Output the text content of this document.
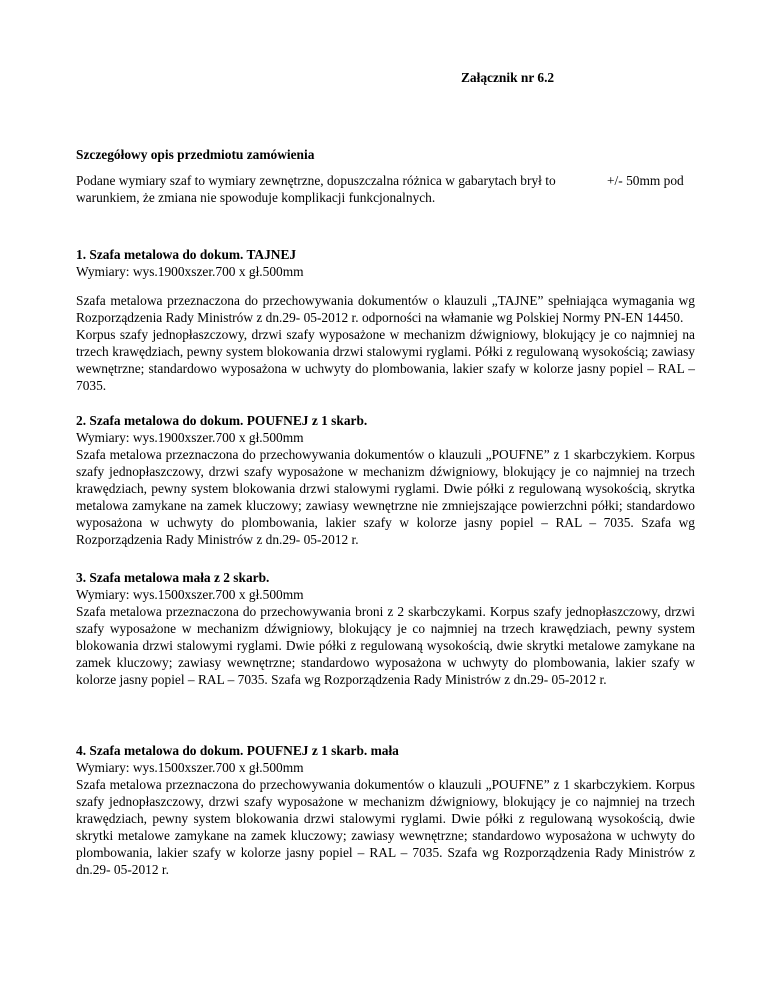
Załącznik nr 6.2
Szczegółowy opis przedmiotu zamówienia
Podane wymiary szaf to wymiary zewnętrzne, dopuszczalna różnica w gabarytach brył to	+/- 50mm pod
warunkiem, że zmiana nie spowoduje komplikacji funkcjonalnych.
1. Szafa metalowa do dokum. TAJNEJ
Wymiary: wys.1900xszer.700 x gł.500mm

Szafa metalowa przeznaczona do przechowywania dokumentów o klauzuli „TAJNE” spełniająca wymagania wg Rozporządzenia Rady Ministrów z dn.29- 05-2012 r. odporności na włamanie wg Polskiej Normy PN-EN 14450.

Korpus szafy jednopłaszczowy, drzwi szafy wyposażone w mechanizm dźwigniowy, blokujący je co najmniej na trzech krawędziach, pewny system blokowania drzwi stalowymi ryglami. Półki z regulowaną wysokością; zawiasy wewnętrzne; standardowo wyposażona w uchwyty do plombowania, lakier szafy w kolorze jasny popiel – RAL – 7035.

2. Szafa metalowa do dokum. POUFNEJ z 1 skarb.
Wymiary: wys.1900xszer.700 x gł.500mm

Szafa metalowa przeznaczona do przechowywania dokumentów o klauzuli „POUFNE” z 1 skarbczykiem. Korpus szafy jednopłaszczowy, drzwi szafy wyposażone w mechanizm dźwigniowy, blokujący je co najmniej na trzech krawędziach, pewny system blokowania drzwi stalowymi ryglami. Dwie półki z regulowaną wysokością, skrytka metalowa zamykane na zamek kluczowy; zawiasy wewnętrzne nie zmniejszające powierzchni półki; standardowo wyposażona w uchwyty do plombowania, lakier szafy w kolorze jasny popiel – RAL – 7035. Szafa wg Rozporządzenia Rady Ministrów z dn.29- 05-2012 r.

3. Szafa metalowa mała z 2 skarb.
Wymiary: wys.1500xszer.700 x gł.500mm

Szafa metalowa przeznaczona do przechowywania broni z 2 skarbczykami. Korpus szafy jednopłaszczowy, drzwi szafy wyposażone w mechanizm dźwigniowy, blokujący je co najmniej na trzech krawędziach, pewny system blokowania drzwi stalowymi ryglami. Dwie półki z regulowaną wysokością, dwie skrytki metalowe zamykane na zamek kluczowy; zawiasy wewnętrzne; standardowo wyposażona w uchwyty do plombowania, lakier szafy w kolorze jasny popiel – RAL – 7035. Szafa wg Rozporządzenia Rady Ministrów z dn.29- 05-2012 r.

4. Szafa metalowa do dokum. POUFNEJ z 1 skarb. mała
Wymiary: wys.1500xszer.700 x gł.500mm

Szafa metalowa przeznaczona do przechowywania dokumentów o klauzuli „POUFNE” z 1 skarbczykiem. Korpus szafy jednopłaszczowy, drzwi szafy wyposażone w mechanizm dźwigniowy, blokujący je co najmniej na trzech krawędziach, pewny system blokowania drzwi stalowymi ryglami. Dwie półki z regulowaną wysokością, dwie skrytki metalowe zamykane na zamek kluczowy; zawiasy wewnętrzne; standardowo wyposażona w uchwyty do plombowania, lakier szafy w kolorze jasny popiel – RAL – 7035. Szafa wg Rozporządzenia Rady Ministrów z dn.29- 05-2012 r.
